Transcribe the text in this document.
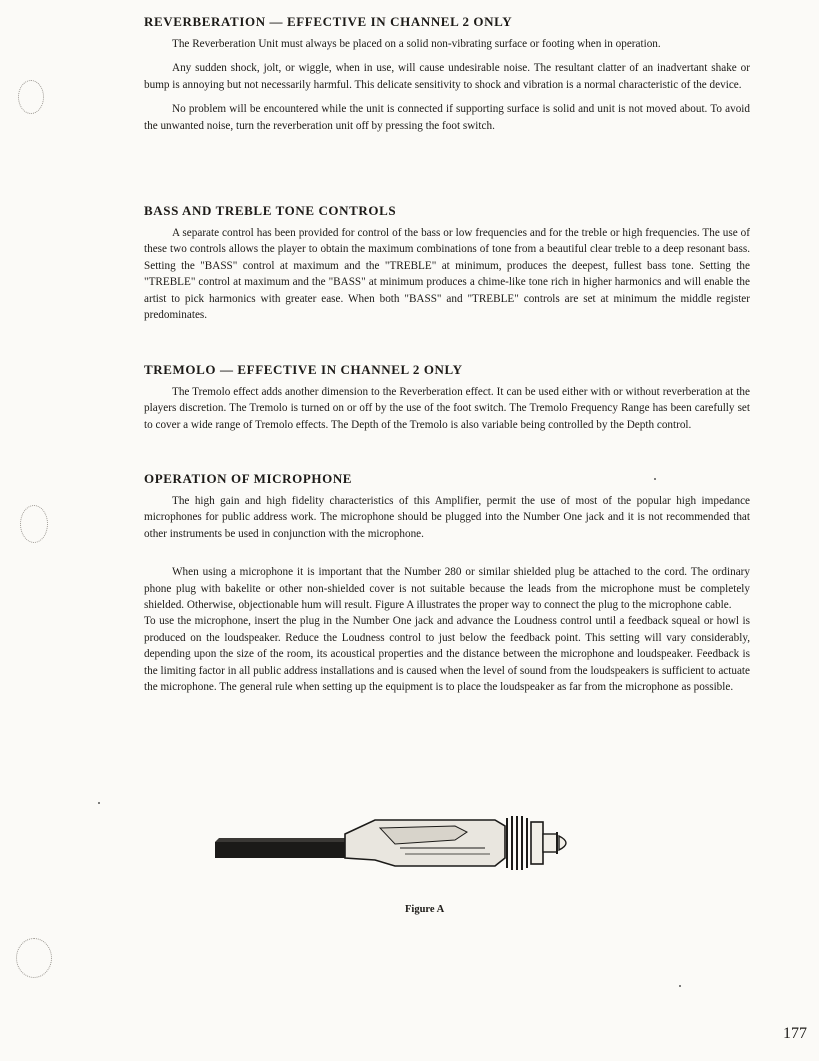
REVERBERATION — EFFECTIVE IN CHANNEL 2 ONLY

The Reverberation Unit must always be placed on a solid non-vibrating surface or footing when in operation.

Any sudden shock, jolt, or wiggle, when in use, will cause undesirable noise. The resultant clatter of an inadvertant shake or bump is annoying but not necessarily harmful. This delicate sensitivity to shock and vibration is a normal characteristic of the device.

No problem will be encountered while the unit is connected if supporting surface is solid and unit is not moved about. To avoid the unwanted noise, turn the reverberation unit off by pressing the foot switch.

BASS AND TREBLE TONE CONTROLS

A separate control has been provided for control of the bass or low frequencies and for the treble or high frequencies. The use of these two controls allows the player to obtain the maximum combinations of tone from a beautiful clear treble to a deep resonant bass. Setting the "BASS" control at maximum and the "TREBLE" at minimum, produces the deepest, fullest bass tone. Setting the "TREBLE" control at maximum and the "BASS" at minimum produces a chime-like tone rich in higher harmonics and will enable the artist to pick harmonics with greater ease. When both "BASS" and "TREBLE" controls are set at minimum the middle register predominates.

TREMOLO — EFFECTIVE IN CHANNEL 2 ONLY

The Tremolo effect adds another dimension to the Reverberation effect. It can be used either with or without reverberation at the players discretion. The Tremolo is turned on or off by the use of the foot switch. The Tremolo Frequency Range has been carefully set to cover a wide range of Tremolo effects. The Depth of the Tremolo is also variable being controlled by the Depth control.

OPERATION OF MICROPHONE

The high gain and high fidelity characteristics of this Amplifier, permit the use of most of the popular high impedance microphones for public address work. The microphone should be plugged into the Number One jack and it is not recommended that other instruments be used in conjunction with the microphone.

When using a microphone it is important that the Number 280 or similar shielded plug be attached to the cord. The ordinary phone plug with bakelite or other non-shielded cover is not suitable because the leads from the microphone must be completely shielded. Otherwise, objectionable hum will result. Figure A illustrates the proper way to connect the plug to the microphone cable.

To use the microphone, insert the plug in the Number One jack and advance the Loudness control until a feedback squeal or howl is produced on the loudspeaker. Reduce the Loudness control to just below the feedback point. This setting will vary considerably, depending upon the size of the room, its acoustical properties and the distance between the microphone and loudspeaker. Feedback is the limiting factor in all public address installations and is caused when the level of sound from the loudspeakers is sufficient to actuate the microphone. The general rule when setting up the equipment is to place the loudspeaker as far from the microphone as possible.

Figure A
177
